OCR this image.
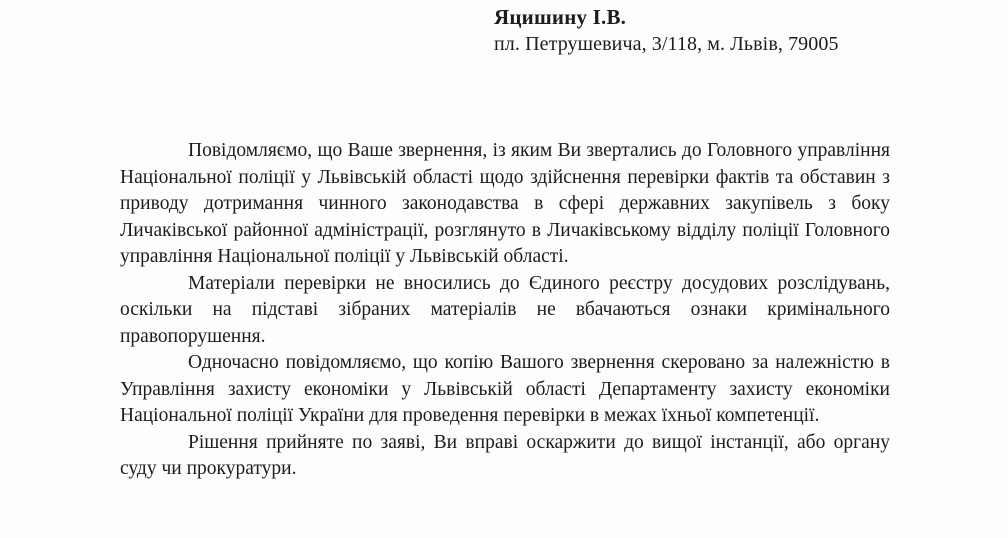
Яцишину І.В.
пл. Петрушевича, 3/118, м. Львів, 79005

Повідомляємо, що Ваше звернення, із яким Ви звертались до Головного управління Національної поліції у Львівській області щодо здійснення перевірки фактів та обставин з приводу дотримання чинного законодавства в сфері державних закупівель з боку Личаківської районної адміністрації, розглянуто в Личаківському відділу поліції Головного управління Національної поліції у Львівській області.

Матеріали перевірки не вносились до Єдиного реєстру досудових розслідувань, оскільки на підставі зібраних матеріалів не вбачаються ознаки кримінального правопорушення.

Одночасно повідомляємо, що копію Вашого звернення скеровано за належністю в Управління захисту економіки у Львівській області Департаменту захисту економіки Національної поліції України для проведення перевірки в межах їхньої компетенції.

Рішення прийняте по заяві, Ви вправі оскаржити до вищої інстанції, або органу суду чи прокуратури.
